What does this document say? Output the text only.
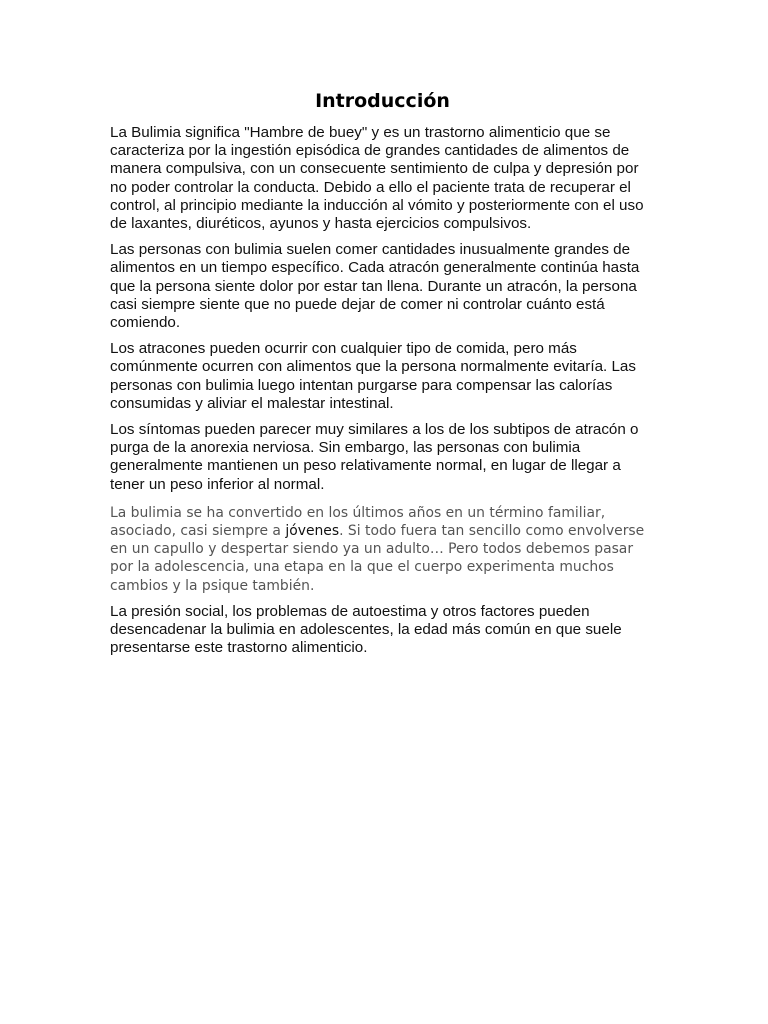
Introducción

La Bulimia significa "Hambre de buey" y es un trastorno alimenticio que se caracteriza por la ingestión episódica de grandes cantidades de alimentos de manera compulsiva, con un consecuente sentimiento de culpa y depresión por no poder controlar la conducta. Debido a ello el paciente trata de recuperar el control, al principio mediante la inducción al vómito y posteriormente con el uso de laxantes, diuréticos, ayunos y hasta ejercicios compulsivos.

Las personas con bulimia suelen comer cantidades inusualmente grandes de alimentos en un tiempo específico. Cada atracón generalmente continúa hasta que la persona siente dolor por estar tan llena. Durante un atracón, la persona casi siempre siente que no puede dejar de comer ni controlar cuánto está comiendo.

Los atracones pueden ocurrir con cualquier tipo de comida, pero más comúnmente ocurren con alimentos que la persona normalmente evitaría. Las personas con bulimia luego intentan purgarse para compensar las calorías consumidas y aliviar el malestar intestinal.

Los síntomas pueden parecer muy similares a los de los subtipos de atracón o purga de la anorexia nerviosa. Sin embargo, las personas con bulimia generalmente mantienen un peso relativamente normal, en lugar de llegar a tener un peso inferior al normal.

La bulimia se ha convertido en los últimos años en un término familiar, asociado, casi siempre a jóvenes. Si todo fuera tan sencillo como envolverse en un capullo y despertar siendo ya un adulto… Pero todos debemos pasar por la adolescencia, una etapa en la que el cuerpo experimenta muchos cambios y la psique también.

La presión social, los problemas de autoestima y otros factores pueden desencadenar la bulimia en adolescentes, la edad más común en que suele presentarse este trastorno alimenticio.
